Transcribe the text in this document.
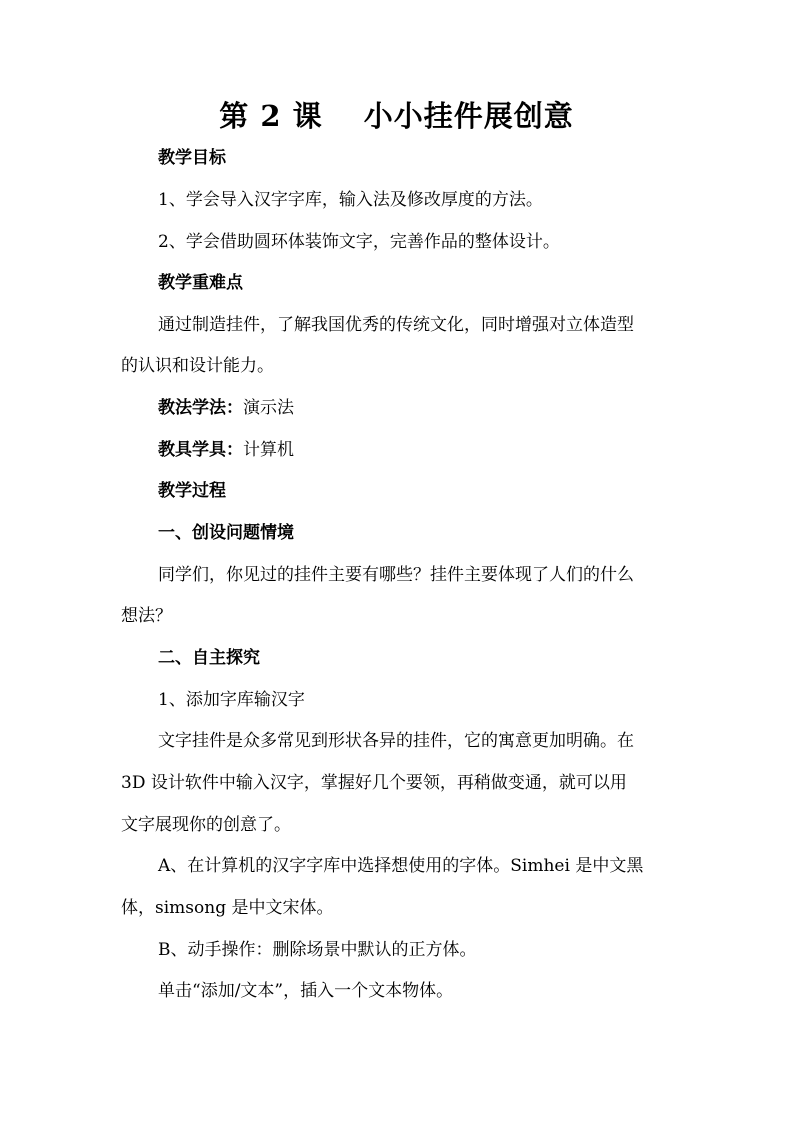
第 2 课　 小小挂件展创意
教学目标
1、学会导入汉字字库，输入法及修改厚度的方法。
2、学会借助圆环体装饰文字，完善作品的整体设计。
教学重难点
通过制造挂件，了解我国优秀的传统文化，同时增强对立体造型
的认识和设计能力。
教法学法：演示法
教具学具：计算机
教学过程
一、创设问题情境
同学们，你见过的挂件主要有哪些？挂件主要体现了人们的什么
想法？
二、自主探究
1、添加字库输汉字
文字挂件是众多常见到形状各异的挂件，它的寓意更加明确。在
3D 设计软件中输入汉字，掌握好几个要领，再稍做变通，就可以用
文字展现你的创意了。
A、在计算机的汉字字库中选择想使用的字体。Simhei 是中文黑
体，simsong 是中文宋体。
B、动手操作：删除场景中默认的正方体。
单击“添加/文本”，插入一个文本物体。
